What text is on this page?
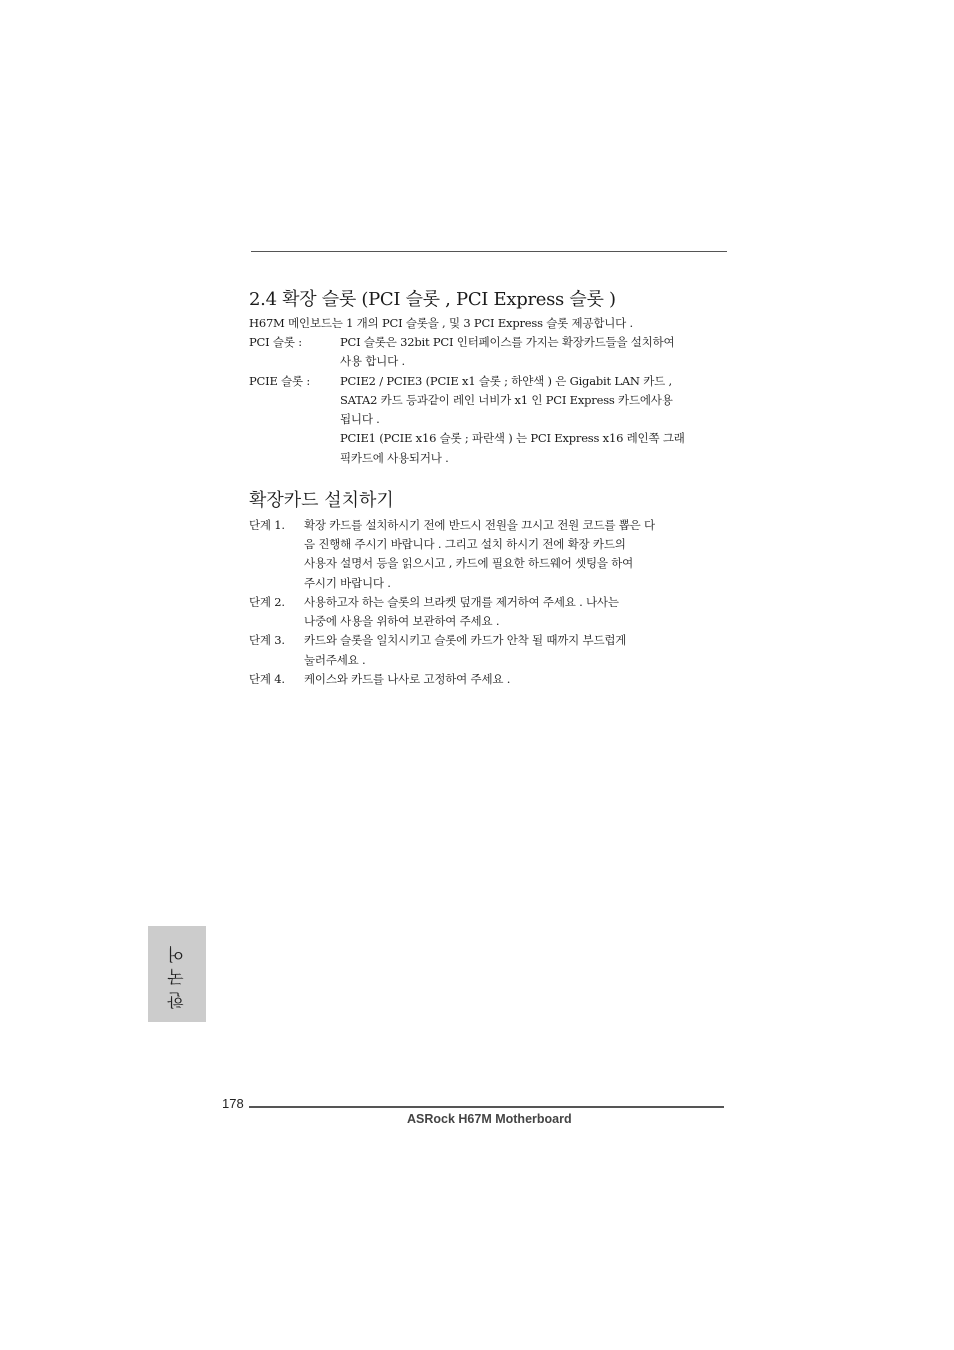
2.4 확장 슬롯 (PCI 슬롯 , PCI Express 슬롯 )
H67M 메인보드는 1 개의 PCI 슬롯을 , 및 3 PCI Express 슬롯 제공합니다 .
PCI 슬롯 :	PCI 슬롯은 32bit PCI 인터페이스를 가지는 확장카드들을 설치하여
사용 합니다 .
PCIE 슬롯 :	PCIE2 / PCIE3 (PCIE x1 슬롯 ; 하얀색 ) 은 Gigabit LAN 카드 ,
SATA2 카드 등과같이 레인 너비가 x1 인 PCI Express 카드에사용
됩니다 .
PCIE1 (PCIE x16 슬롯 ; 파란색 ) 는 PCI Express x16 레인쪽 그래
픽카드에 사용되거나 .
확장카드 설치하기
단계 1. 확장 카드를 설치하시기 전에 반드시 전원을 끄시고 전원 코드를 뽑은 다
음 진행해 주시기 바랍니다 . 그리고 설치 하시기 전에 확장 카드의
사용자 설명서 등을 읽으시고 , 카드에 필요한 하드웨어 셋팅을 하여
주시기 바랍니다 .
단계 2. 사용하고자 하는 슬롯의 브라켓 덮개를 제거하여 주세요 . 나사는
나중에 사용을 위하여 보관하여 주세요 .
단계 3. 카드와 슬롯을 일치시키고 슬롯에 카드가 안착 될 때까지 부드럽게
눌러주세요 .
단계 4. 케이스와 카드를 나사로 고정하여 주세요 .
한국어
178
ASRock H67M Motherboard
